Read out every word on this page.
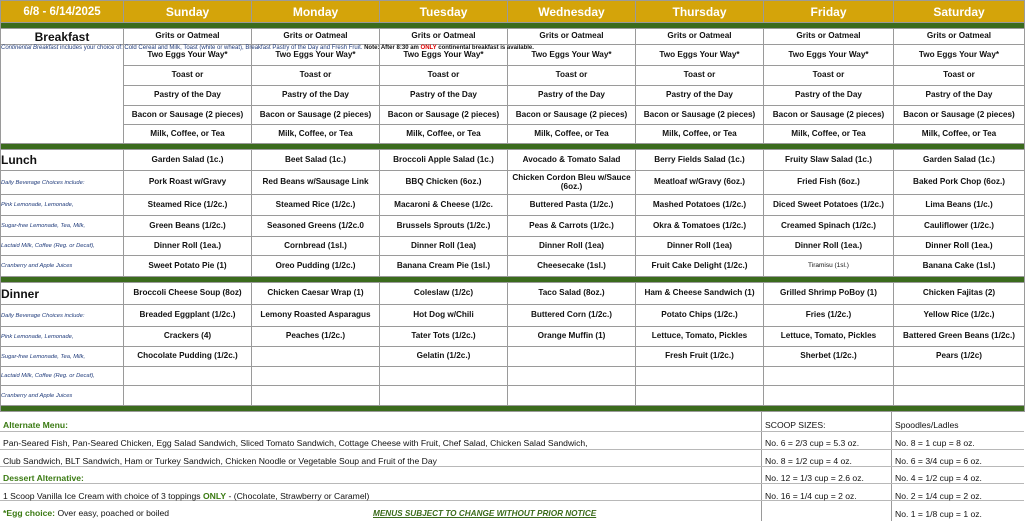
6/8 - 6/14/2025	Sunday	Monday	Tuesday	Wednesday	Thursday	Friday	Saturday

Breakfast	Grits or Oatmeal	Grits or Oatmeal	Grits or Oatmeal	Grits or Oatmeal	Grits or Oatmeal	Grits or Oatmeal	Grits or Oatmeal
Continental Breakfast includes your choice of: Cold Cereal and Milk, Toast (white or wheat), Breakfast Pastry of the Day and Fresh Fruit. Note: After 8:30 am ONLY continental breakfast is available.	Two Eggs Your Way*	Two Eggs Your Way*	Two Eggs Your Way*	Two Eggs Your Way*	Two Eggs Your Way*	Two Eggs Your Way*	Two Eggs Your Way*
	Toast or	Toast or	Toast or	Toast or	Toast or	Toast or	Toast or
	Pastry of the Day	Pastry of the Day	Pastry of the Day	Pastry of the Day	Pastry of the Day	Pastry of the Day	Pastry of the Day
	Bacon or Sausage (2 pieces)	Bacon or Sausage (2 pieces)	Bacon or Sausage (2 pieces)	Bacon or Sausage (2 pieces)	Bacon or Sausage (2 pieces)	Bacon or Sausage (2 pieces)	Bacon or Sausage (2 pieces)
	Milk, Coffee, or Tea	Milk, Coffee, or Tea	Milk, Coffee, or Tea	Milk, Coffee, or Tea	Milk, Coffee, or Tea	Milk, Coffee, or Tea	Milk, Coffee, or Tea

Lunch	Garden Salad (1c.)	Beet Salad (1c.)	Broccoli Apple Salad (1c.)	Avocado & Tomato Salad	Berry Fields Salad (1c.)	Fruity Slaw Salad (1c.)	Garden Salad (1c.)
Daily Beverage Choices include:	Pork Roast w/Gravy	Red Beans w/Sausage Link	BBQ Chicken (6oz.)	Chicken Cordon Bleu w/Sauce (6oz.)	Meatloaf w/Gravy (6oz.)	Fried Fish (6oz.)	Baked Pork Chop (6oz.)
Pink Lemonade, Lemonade,	Steamed Rice (1/2c.)	Steamed Rice (1/2c.)	Macaroni & Cheese (1/2c.	Buttered Pasta (1/2c.)	Mashed Potatoes (1/2c.)	Diced Sweet Potatoes (1/2c.)	Lima Beans (1/c.)
Sugar-free Lemonade, Tea, Milk,	Green Beans (1/2c.)	Seasoned Greens (1/2c.0	Brussels Sprouts (1/2c.)	Peas & Carrots (1/2c.)	Okra & Tomatoes (1/2c.)	Creamed Spinach (1/2c.)	Cauliflower (1/2c.)
Lactaid Milk, Coffee (Reg. or Decaf),	Dinner Roll (1ea.)	Cornbread (1sl.)	Dinner Roll (1ea)	Dinner Roll (1ea)	Dinner Roll (1ea)	Dinner Roll (1ea.)	Dinner Roll (1ea.)
Cranberry and Apple Juices	Sweet Potato Pie (1)	Oreo Pudding (1/2c.)	Banana Cream Pie (1sl.)	Cheesecake (1sl.)	Fruit Cake Delight (1/2c.)	Tiramisu (1sl.)	Banana Cake (1sl.)

Dinner	Broccoli Cheese Soup (8oz)	Chicken Caesar Wrap (1)	Coleslaw (1/2c)	Taco Salad (8oz.)	Ham & Cheese Sandwich (1)	Grilled Shrimp PoBoy (1)	Chicken Fajitas (2)
Daily Beverage Choices include:	Breaded Eggplant (1/2c.)	Lemony Roasted Asparagus	Hot Dog w/Chili	Buttered Corn (1/2c.)	Potato Chips (1/2c.)	Fries (1/2c.)	Yellow Rice (1/2c.)
Pink Lemonade, Lemonade,	Crackers (4)	Peaches (1/2c.)	Tater Tots (1/2c.)	Orange Muffin (1)	Lettuce, Tomato, Pickles	Lettuce, Tomato, Pickles	Battered Green Beans (1/2c.)
Sugar-free Lemonade, Tea, Milk,	Chocolate Pudding (1/2c.)		Gelatin (1/2c.)		Fresh Fruit (1/2c.)	Sherbet (1/2c.)	Pears (1/2c)
Lactaid Milk, Coffee (Reg. or Decaf),							
Cranberry and Apple Juices							

Alternate Menu:
Pan-Seared Fish, Pan-Seared Chicken, Egg Salad Sandwich, Sliced Tomato Sandwich, Cottage Cheese with Fruit, Chef Salad, Chicken Salad Sandwich,
Club Sandwich, BLT Sandwich, Ham or Turkey Sandwich, Chicken Noodle or Vegetable Soup and Fruit of the Day
Dessert Alternative:
1 Scoop Vanilla Ice Cream with choice of 3 toppings ONLY - (Chocolate, Strawberry or Caramel)
*Egg choice: Over easy, poached or boiled	MENUS SUBJECT TO CHANGE WITHOUT PRIOR NOTICE
SCOOP SIZES:
No. 6 = 2/3 cup = 5.3 oz.
No. 8 = 1/2 cup = 4 oz.
No. 12 = 1/3 cup = 2.6 oz.
No. 16 = 1/4 cup = 2 oz.
Spoodles/Ladles
No. 8 = 1 cup = 8 oz.
No. 6 = 3/4 cup = 6 oz.
No. 4 = 1/2 cup = 4 oz.
No. 2 = 1/4 cup = 2 oz.
No. 1 = 1/8 cup = 1 oz.
